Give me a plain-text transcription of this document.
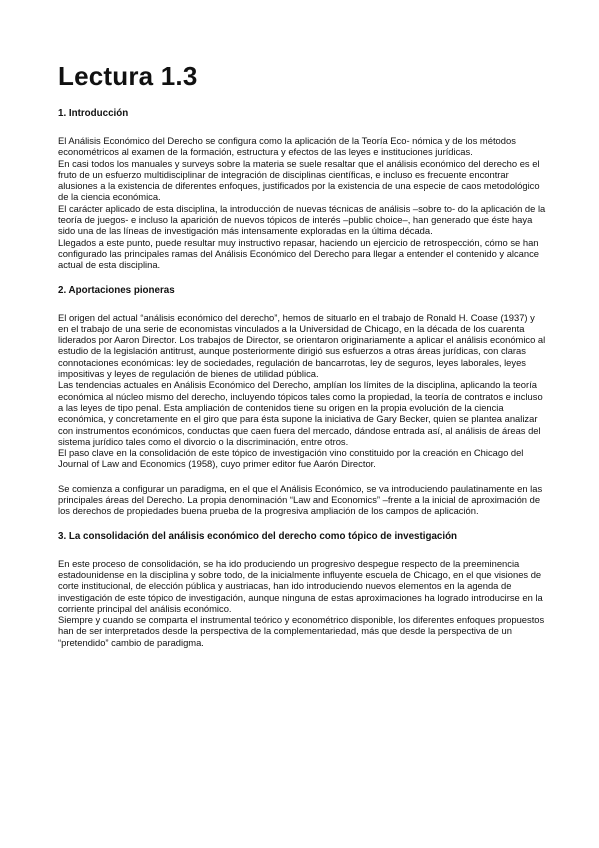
Lectura 1.3
1. Introducción

El Análisis Económico del Derecho se configura como la aplicación de la Teoría Eco- nómica y de los métodos econométricos al examen de la formación, estructura y efectos de las leyes e instituciones jurídicas.

En casi todos los manuales y surveys sobre la materia se suele resaltar que el análisis económico del derecho es el fruto de un esfuerzo multidisciplinar de integración de disciplinas científicas, e incluso es frecuente encontrar alusiones a la existencia de diferentes enfoques, justificados por la existencia de una especie de caos metodológico de la ciencia económica.

El carácter aplicado de esta disciplina, la introducción de nuevas técnicas de análisis –sobre to- do la aplicación de la teoría de juegos- e incluso la aparición de nuevos tópicos de interés –public choice–, han generado que éste haya sido una de las líneas de investigación más intensamente exploradas en la última década.

Llegados a este punto, puede resultar muy instructivo repasar, haciendo un ejercicio de retrospección, cómo se han configurado las principales ramas del Análisis Económico del Derecho para llegar a entender el contenido y alcance actual de esta disciplina.

2. Aportaciones pioneras

El origen del actual “análisis económico del derecho”, hemos de situarlo en el trabajo de Ronald H. Coase (1937) y en el trabajo de una serie de economistas vinculados a la Universidad de Chicago, en la década de los cuarenta liderados por Aaron Director. Los trabajos de Director, se orientaron originariamente a aplicar el análisis económico al estudio de la legislación antitrust, aunque posteriormente dirigió sus esfuerzos a otras áreas jurídicas, con claras connotaciones económicas: ley de sociedades, regulación de bancarrotas, ley de seguros, leyes laborales, leyes impositivas y leyes de regulación de bienes de utilidad pública.

Las tendencias actuales en Análisis Económico del Derecho, amplían los límites de la disciplina, aplicando la teoría económica al núcleo mismo del derecho, incluyendo tópicos tales como la propiedad, la teoría de contratos e incluso a las leyes de tipo penal. Esta ampliación de contenidos tiene su origen en la propia evolución de la ciencia económica, y concretamente en el giro que para ésta supone la iniciativa de Gary Becker, quien se plantea analizar con instrumentos económicos, conductas que caen fuera del mercado, dándose entrada así, al análisis de áreas del sistema jurídico tales como el divorcio o la discriminación, entre otros.

El paso clave en la consolidación de este tópico de investigación vino constituido por la creación en Chicago del Journal of Law and Economics (1958), cuyo primer editor fue Aarón Director.

Se comienza a configurar un paradigma, en el que el Análisis Económico, se va introduciendo paulatinamente en las principales áreas del Derecho. La propia denominación “Law and Economics” –frente a la inicial de aproximación de los derechos de propiedades buena prueba de la progresiva ampliación de los campos de aplicación.

3. La consolidación del análisis económico del derecho como tópico de investigación

En este proceso de consolidación, se ha ido produciendo un progresivo despegue respecto de la preeminencia estadounidense en la disciplina y sobre todo, de la inicialmente influyente escuela de Chicago, en el que visiones de corte institucional, de elección pública y austriacas, han ido introduciendo nuevos elementos en la agenda de investigación de este tópico de investigación, aunque ninguna de estas aproximaciones ha logrado introducirse en la corriente principal del análisis económico.

Siempre y cuando se comparta el instrumental teórico y econométrico disponible, los diferentes enfoques propuestos han de ser interpretados desde la perspectiva de la complementariedad, más que desde la perspectiva de un “pretendido” cambio de paradigma.
